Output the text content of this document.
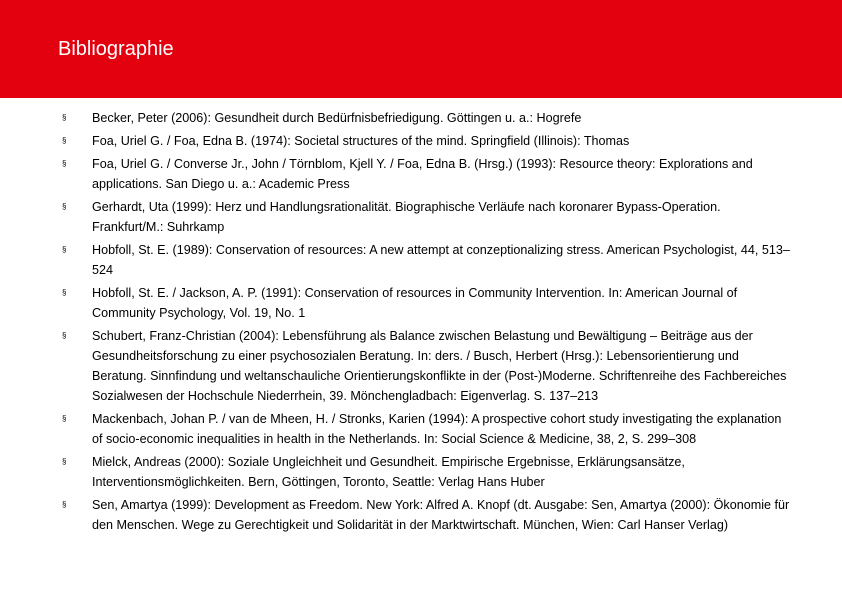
Bibliographie
§ Becker, Peter (2006): Gesundheit durch Bedürfnisbefriedigung. Göttingen u. a.: Hogrefe
§ Foa, Uriel G. / Foa, Edna B. (1974): Societal structures of the mind. Springfield (Illinois): Thomas
§ Foa, Uriel G. / Converse Jr., John / Törnblom, Kjell Y. / Foa, Edna B. (Hrsg.) (1993): Resource theory: Explorations and applications. San Diego u. a.: Academic Press
§ Gerhardt, Uta (1999): Herz und Handlungsrationalität. Biographische Verläufe nach koronarer Bypass-Operation. Frankfurt/M.: Suhrkamp
§ Hobfoll, St. E. (1989): Conservation of resources: A new attempt at conzeptionalizing stress. American Psychologist, 44, 513–524
§ Hobfoll, St. E. / Jackson, A. P. (1991): Conservation of resources in Community Intervention. In: American Journal of Community Psychology, Vol. 19, No. 1
§ Schubert, Franz-Christian (2004): Lebensführung als Balance zwischen Belastung und Bewältigung – Beiträge aus der Gesundheitsforschung zu einer psychosozialen Beratung. In: ders. / Busch, Herbert (Hrsg.): Lebensorientierung und Beratung. Sinnfindung und weltanschauliche Orientierungskonflikte in der (Post-)Moderne. Schriftenreihe des Fachbereiches Sozialwesen der Hochschule Niederrhein, 39. Mönchengladbach: Eigenverlag. S. 137–213
§ Mackenbach, Johan P. / van de Mheen, H. / Stronks, Karien (1994): A prospective cohort study investigating the explanation of socio-economic inequalities in health in the Netherlands. In: Social Science & Medicine, 38, 2, S. 299–308
§ Mielck, Andreas (2000): Soziale Ungleichheit und Gesundheit. Empirische Ergebnisse, Erklärungsansätze, Interventionsmöglichkeiten. Bern, Göttingen, Toronto, Seattle: Verlag Hans Huber
§ Sen, Amartya (1999): Development as Freedom. New York: Alfred A. Knopf (dt. Ausgabe: Sen, Amartya (2000): Ökonomie für den Menschen. Wege zu Gerechtigkeit und Solidarität in der Marktwirtschaft. München, Wien: Carl Hanser Verlag)
